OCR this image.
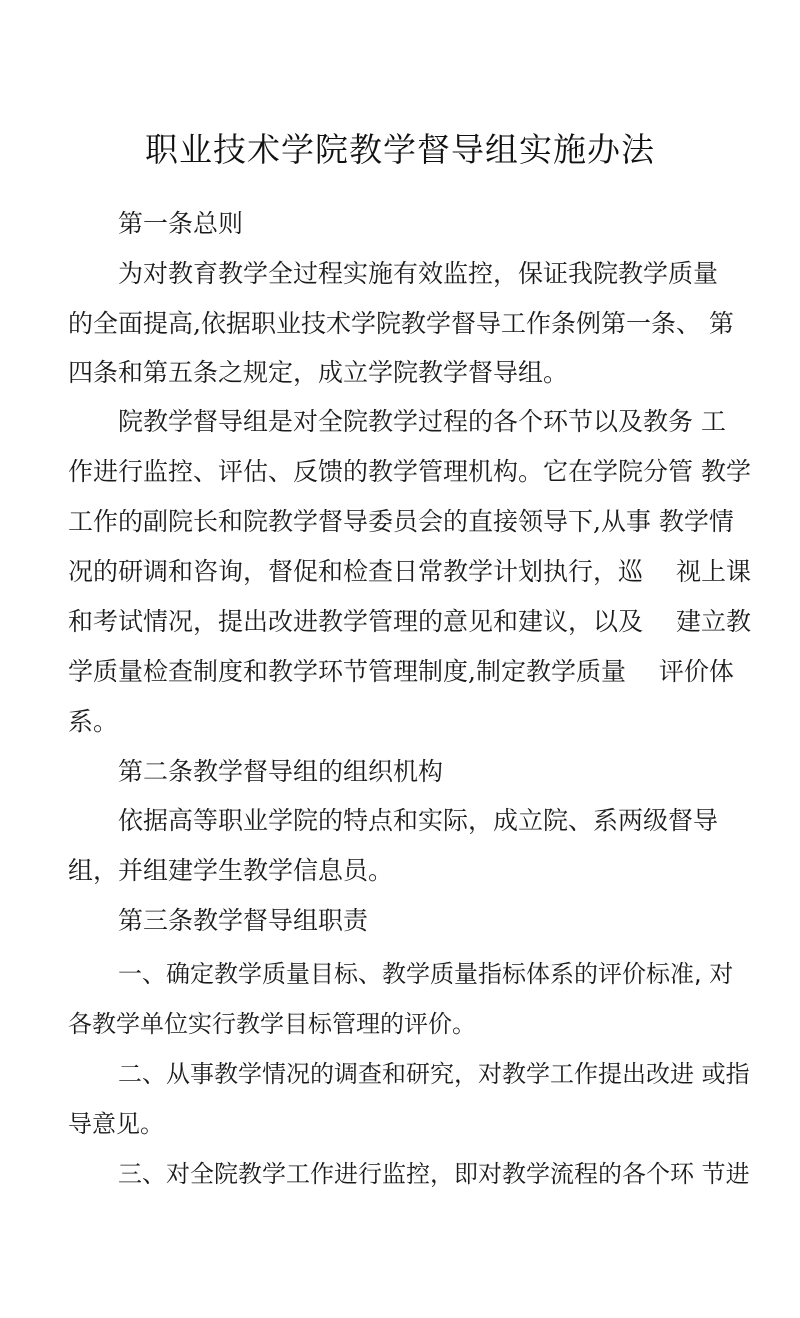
职业技术学院教学督导组实施办法
第一条总则
为对教育教学全过程实施有效监控，保证我院教学质量
的全面提高,依据职业技术学院教学督导工作条例第一条、 第
四条和第五条之规定，成立学院教学督导组。
院教学督导组是对全院教学过程的各个环节以及教务 工
作进行监控、评估、反馈的教学管理机构。它在学院分管 教学
工作的副院长和院教学督导委员会的直接领导下,从事 教学情
况的研调和咨询，督促和检查日常教学计划执行，巡　 视上课
和考试情况，提出改进教学管理的意见和建议，以及　 建立教
学质量检查制度和教学环节管理制度,制定教学质量　 评价体
系。
第二条教学督导组的组织机构
依据高等职业学院的特点和实际，成立院、系两级督导
组，并组建学生教学信息员。
第三条教学督导组职责
一、确定教学质量目标、教学质量指标体系的评价标准, 对
各教学单位实行教学目标管理的评价。
二、从事教学情况的调查和研究，对教学工作提出改进 或指
导意见。
三、对全院教学工作进行监控，即对教学流程的各个环 节进
